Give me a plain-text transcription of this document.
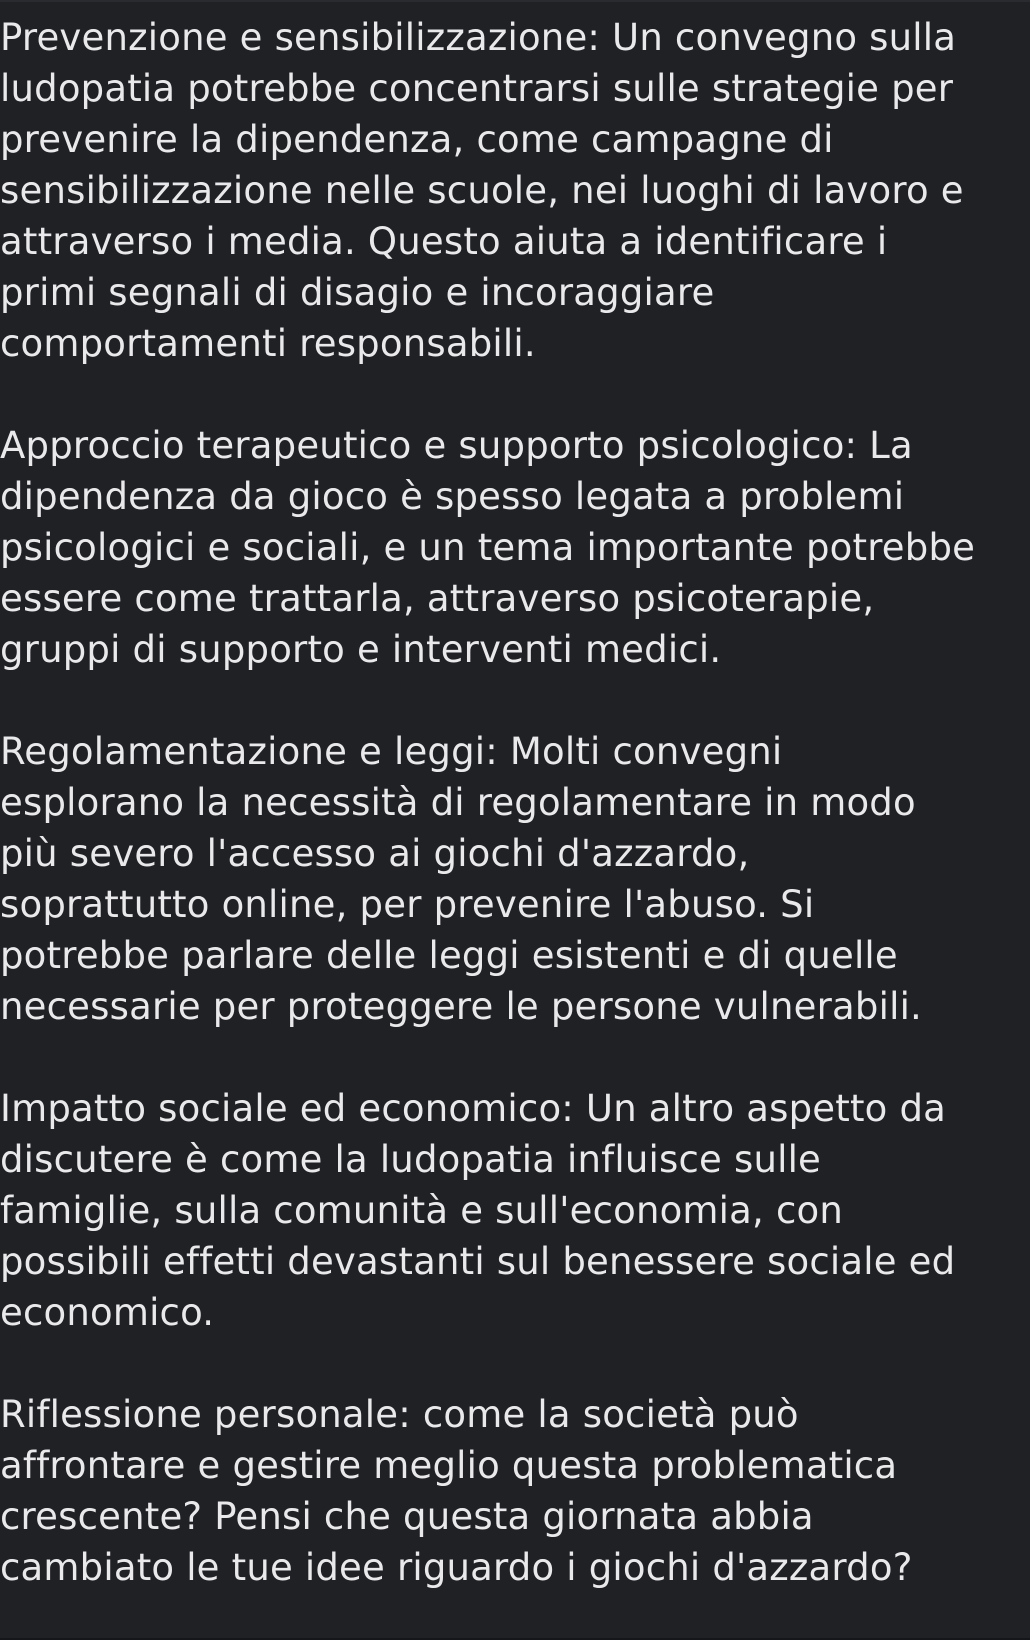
Prevenzione e sensibilizzazione: Un convegno sulla
ludopatia potrebbe concentrarsi sulle strategie per
prevenire la dipendenza, come campagne di
sensibilizzazione nelle scuole, nei luoghi di lavoro e
attraverso i media. Questo aiuta a identificare i
primi segnali di disagio e incoraggiare
comportamenti responsabili.

Approccio terapeutico e supporto psicologico: La
dipendenza da gioco è spesso legata a problemi
psicologici e sociali, e un tema importante potrebbe
essere come trattarla, attraverso psicoterapie,
gruppi di supporto e interventi medici.

Regolamentazione e leggi: Molti convegni
esplorano la necessità di regolamentare in modo
più severo l'accesso ai giochi d'azzardo,
soprattutto online, per prevenire l'abuso. Si
potrebbe parlare delle leggi esistenti e di quelle
necessarie per proteggere le persone vulnerabili.

Impatto sociale ed economico: Un altro aspetto da
discutere è come la ludopatia influisce sulle
famiglie, sulla comunità e sull'economia, con
possibili effetti devastanti sul benessere sociale ed
economico.

Riflessione personale: come la società può
affrontare e gestire meglio questa problematica
crescente? Pensi che questa giornata abbia
cambiato le tue idee riguardo i giochi d'azzardo?
